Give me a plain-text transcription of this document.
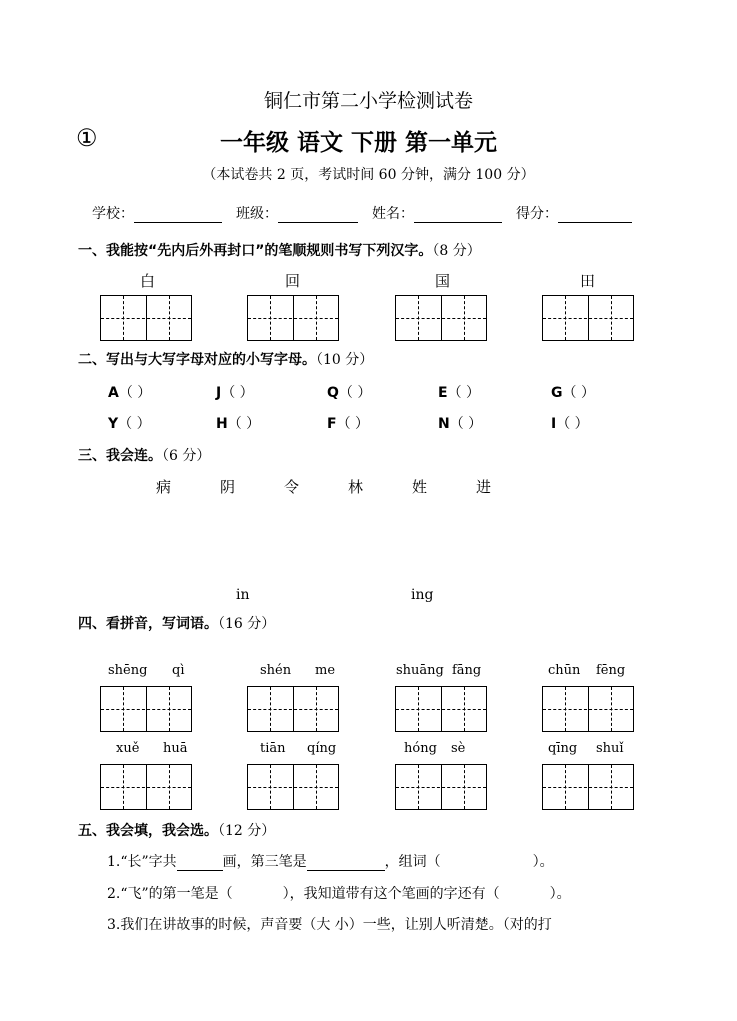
铜仁市第二小学检测试卷
①	一年级 语文 下册 第一单元
（本试卷共 2 页，考试时间 60 分钟，满分 100 分）
学校：	班级：	姓名：	得分：
一、我能按“先内后外再封口”的笔顺规则书写下列汉字。（8 分）
白	回	国	田
二、写出与大写字母对应的小写字母。（10 分）
A（ ）	J（ ）	Q（ ）	E（ ）	G（ ）
Y（ ）	H（ ）	F（ ）	N（ ）	I（ ）
三、我会连。（6 分）
病	阴	令	林	姓	进
in	ing
四、看拼音，写词语。（16 分）
shēng qì	shén me	shuāng fāng	chūn fēng
xuě huā	tiān qíng	hóng sè	qīng shuǐ
五、我会填，我会选。（12 分）
1.“长”字共	画，第三笔是	，组词（	）。
2.“飞”的第一笔是（	），我知道带有这个笔画的字还有（	）。
3.我们在讲故事的时候，声音要（大 小）一些，让别人听清楚。（对的打
